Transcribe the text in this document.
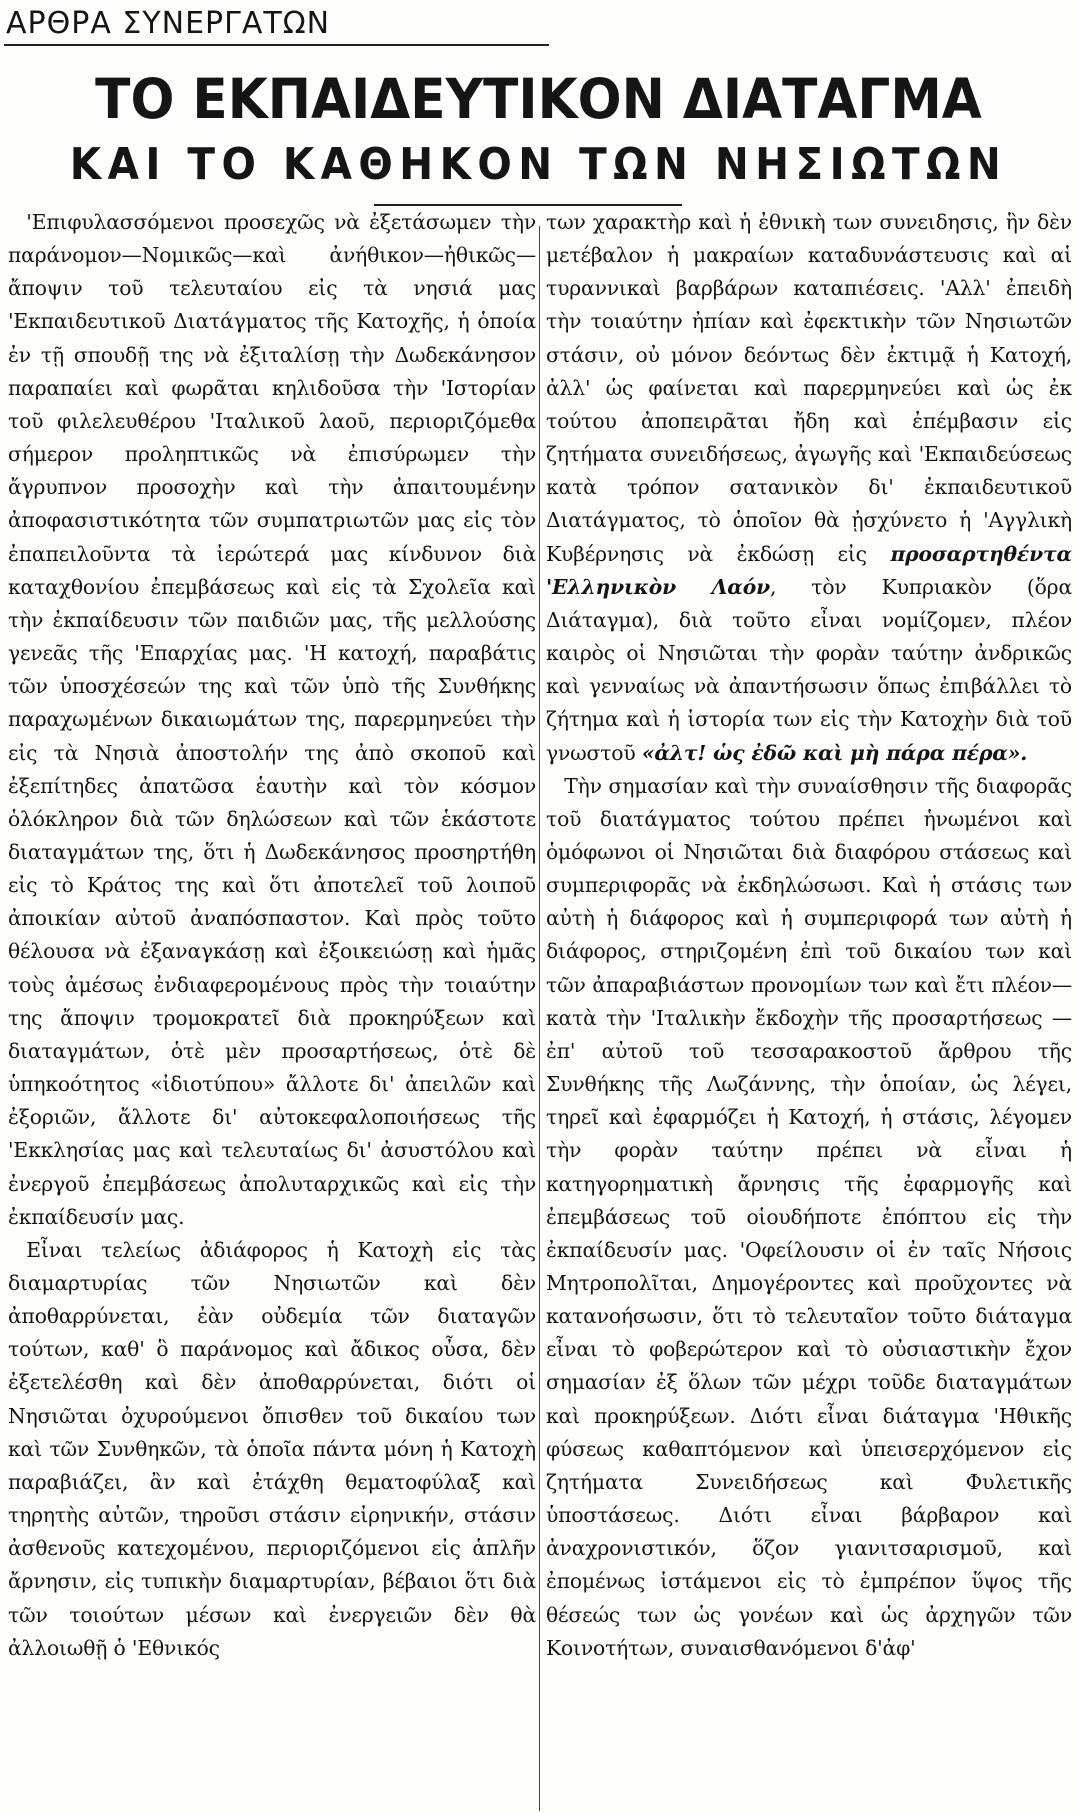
ΑΡΘΡΑ ΣΥΝΕΡΓΑΤΩΝ
ΤΟ ΕΚΠΑΙΔΕΥΤΙΚΟΝ ΔΙΑΤΑΓΜΑ
ΚΑΙ ΤΟ ΚΑΘΗΚΟΝ ΤΩΝ ΝΗΣΙΩΤΩΝ

'Επιφυλασσόμενοι προσεχῶς νὰ ἐξετάσωμεν τὴν παράνομον—Νομικῶς—καὶ ἀνήθικον—ἠθικῶς— ἄποψιν τοῦ τελευταίου εἰς τὰ νησιά μας 'Εκπαιδευτικοῦ Διατάγματος τῆς Κατοχῆς, ἡ ὁποία ἐν τῇ σπουδῇ της νὰ ἐξιταλίσῃ τὴν Δωδεκάνησον παραπαίει καὶ φωρᾶται κηλιδοῦσα τὴν 'Ιστορίαν τοῦ φιλελευθέρου 'Ιταλικοῦ λαοῦ, περιοριζόμεθα σήμερον προληπτικῶς νὰ ἐπισύρωμεν τὴν ἄγρυπνον προσοχὴν καὶ τὴν ἀπαιτουμένην ἀποφασιστικότητα τῶν συμπατριωτῶν μας εἰς τὸν ἐπαπειλοῦντα τὰ ἱερώτερά μας κίνδυνον διὰ καταχθονίου ἐπεμβάσεως καὶ εἰς τὰ Σχολεῖα καὶ τὴν ἐκπαίδευσιν τῶν παιδιῶν μας, τῆς μελλούσης γενεᾶς τῆς 'Επαρχίας μας. 'Η κατοχή, παραβάτις τῶν ὑποσχέσεών της καὶ τῶν ὑπὸ τῆς Συνθήκης παραχωμένων δικαιωμάτων της, παρερμηνεύει τὴν εἰς τὰ Νησιὰ ἀποστολήν της ἀπὸ σκοποῦ καὶ ἐξεπίτηδες ἀπατῶσα ἑαυτὴν καὶ τὸν κόσμον ὁλόκληρον διὰ τῶν δηλώσεων καὶ τῶν ἑκάστοτε διαταγμάτων της, ὅτι ἡ Δωδεκάνησος προσηρτήθη εἰς τὸ Κράτος της καὶ ὅτι ἀποτελεῖ τοῦ λοιποῦ ἀποικίαν αὐτοῦ ἀναπόσπαστον. Καὶ πρὸς τοῦτο θέλουσα νὰ ἐξαναγκάσῃ καὶ ἐξοικειώσῃ καὶ ἡμᾶς τοὺς ἀμέσως ἐνδιαφερομένους πρὸς τὴν τοιαύτην της ἄποψιν τρομοκρατεῖ διὰ προκηρύξεων καὶ διαταγμάτων, ὁτὲ μὲν προσαρτήσεως, ὁτὲ δὲ ὑπηκοότητος «ἰδιοτύπου» ἄλλοτε δι' ἀπειλῶν καὶ ἐξοριῶν, ἄλλοτε δι' αὐτοκεφαλοποιήσεως τῆς 'Εκκλησίας μας καὶ τελευταίως δι' ἀσυστόλου καὶ ἐνεργοῦ ἐπεμβάσεως ἀπολυταρχικῶς καὶ εἰς τὴν ἐκπαίδευσίν μας.

Εἶναι τελείως ἀδιάφορος ἡ Κατοχὴ εἰς τὰς διαμαρτυρίας τῶν Νησιωτῶν καὶ δὲν ἀποθαρρύνεται, ἐὰν οὐδεμία τῶν διαταγῶν τούτων, καθ' ὃ παράνομος καὶ ἄδικος οὖσα, δὲν ἐξετελέσθη καὶ δὲν ἀποθαρρύνεται, διότι οἱ Νησιῶται ὀχυρούμενοι ὄπισθεν τοῦ δικαίου των καὶ τῶν Συνθηκῶν, τὰ ὁποῖα πάντα μόνη ἡ Κατοχὴ παραβιάζει, ἂν καὶ ἐτάχθη θεματοφύλαξ καὶ τηρητὴς αὐτῶν, τηροῦσι στάσιν εἰρηνικήν, στάσιν ἀσθενοῦς κατεχομένου, περιοριζόμενοι εἰς ἁπλῆν ἄρνησιν, εἰς τυπικὴν διαμαρτυρίαν, βέβαιοι ὅτι διὰ τῶν τοιούτων μέσων καὶ ἐνεργειῶν δὲν θὰ ἀλλοιωθῇ ὁ 'Εθνικός

των χαρακτὴρ καὶ ἡ ἐθνικὴ των συνειδησις, ἣν δὲν μετέβαλον ἡ μακραίων καταδυνάστευσις καὶ αἱ τυραννικαὶ βαρβάρων καταπιέσεις. 'Αλλ' ἐπειδὴ τὴν τοιαύτην ἠπίαν καὶ ἐφεκτικὴν τῶν Νησιωτῶν στάσιν, οὐ μόνον δεόντως δὲν ἐκτιμᾷ ἡ Κατοχή, ἀλλ' ὡς φαίνεται καὶ παρερμηνεύει καὶ ὡς ἐκ τούτου ἀποπειρᾶται ἤδη καὶ ἐπέμβασιν εἰς ζητήματα συνειδήσεως, ἀγωγῆς καὶ 'Εκπαιδεύσεως κατὰ τρόπον σατανικὸν δι' ἐκπαιδευτικοῦ Διατάγματος, τὸ ὁποῖον θὰ ᾐσχύνετο ἡ 'Αγγλικὴ Κυβέρνησις νὰ ἐκδώσῃ εἰς προσαρτηθέντα 'Ελληνικὸν Λαόν, τὸν Κυπριακὸν (ὅρα Διάταγμα), διὰ τοῦτο εἶναι νομίζομεν, πλέον καιρὸς οἱ Νησιῶται τὴν φορὰν ταύτην ἀνδρικῶς καὶ γενναίως νὰ ἀπαντήσωσιν ὅπως ἐπιβάλλει τὸ ζήτημα καὶ ἡ ἱστορία των εἰς τὴν Κατοχὴν διὰ τοῦ γνωστοῦ «ἀλτ! ὡς ἐδῶ καὶ μὴ πάρα πέρα».

Τὴν σημασίαν καὶ τὴν συναίσθησιν τῆς διαφορᾶς τοῦ διατάγματος τούτου πρέπει ἡνωμένοι καὶ ὁμόφωνοι οἱ Νησιῶται διὰ διαφόρου στάσεως καὶ συμπεριφορᾶς νὰ ἐκδηλώσωσι. Καὶ ἡ στάσις των αὐτὴ ἡ διάφορος καὶ ἡ συμπεριφορά των αὐτὴ ἡ διάφορος, στηριζομένη ἐπὶ τοῦ δικαίου των καὶ τῶν ἀπαραβιάστων προνομίων των καὶ ἔτι πλέον— κατὰ τὴν 'Ιταλικὴν ἔκδοχὴν τῆς προσαρτήσεως —ἐπ' αὐτοῦ τοῦ τεσσαρακοστοῦ ἄρθρου τῆς Συνθήκης τῆς Λωζάννης, τὴν ὁποίαν, ὡς λέγει, τηρεῖ καὶ ἐφαρμόζει ἡ Κατοχή, ἡ στάσις, λέγομεν τὴν φορὰν ταύτην πρέπει νὰ εἶναι ἡ κατηγορηματικὴ ἄρνησις τῆς ἐφαρμογῆς καὶ ἐπεμβάσεως τοῦ οἱουδήποτε ἐπόπτου εἰς τὴν ἐκπαίδευσίν μας. 'Οφείλουσιν οἱ ἐν ταῖς Νήσοις Μητροπολῖται, Δημογέροντες καὶ προῦχοντες νὰ κατανοήσωσιν, ὅτι τὸ τελευταῖον τοῦτο διάταγμα εἶναι τὸ φοβερώτερον καὶ τὸ οὐσιαστικὴν ἔχον σημασίαν ἐξ ὅλων τῶν μέχρι τοῦδε διαταγμάτων καὶ προκηρύξεων. Διότι εἶναι διάταγμα 'Ηθικῆς φύσεως καθαπτόμενον καὶ ὑπεισερχόμενον εἰς ζητήματα Συνειδήσεως καὶ Φυλετικῆς ὑποστάσεως. Διότι εἶναι βάρβαρον καὶ ἀναχρονιστικόν, ὅζον γιανιτσαρισμοῦ, καὶ ἐπομένως ἱστάμενοι εἰς τὸ ἐμπρέπον ὕψος τῆς θέσεώς των ὡς γονέων καὶ ὡς ἀρχηγῶν τῶν Κοινοτήτων, συναισθανόμενοι δ'ἀφ'
